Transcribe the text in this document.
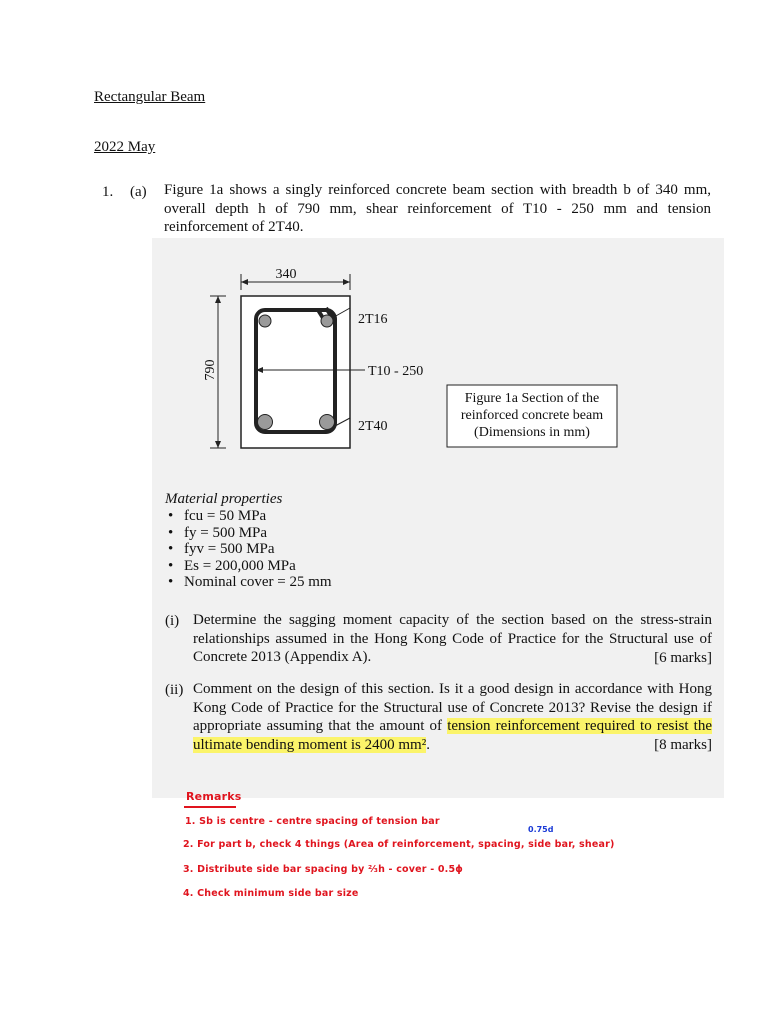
Rectangular Beam
2022 May
1. (a) Figure 1a shows a singly reinforced concrete beam section with breadth b of 340 mm, overall depth h of 790 mm, shear reinforcement of T10 - 250 mm and tension reinforcement of 2T40.
340
790
2T16
T10 - 250
2T40
Figure 1a Section of the
reinforced concrete beam
(Dimensions in mm)
Material properties
• fcu = 50 MPa
• fy = 500 MPa
• fyv = 500 MPa
• Es = 200,000 MPa
• Nominal cover = 25 mm
(i) Determine the sagging moment capacity of the section based on the stress-strain relationships assumed in the Hong Kong Code of Practice for the Structural use of Concrete 2013 (Appendix A).	[6 marks]
(ii) Comment on the design of this section. Is it a good design in accordance with Hong Kong Code of Practice for the Structural use of Concrete 2013? Revise the design if appropriate assuming that the amount of tension reinforcement required to resist the ultimate bending moment is 2400 mm².	[8 marks]
Remarks
1. Sb is centre - centre spacing of tension bar
0.75d
2. For part b, check 4 things (Area of reinforcement, spacing, side bar, shear)
3. Distribute side bar spacing by ⅔h - cover - 0.5ϕ
4. Check minimum side bar size
